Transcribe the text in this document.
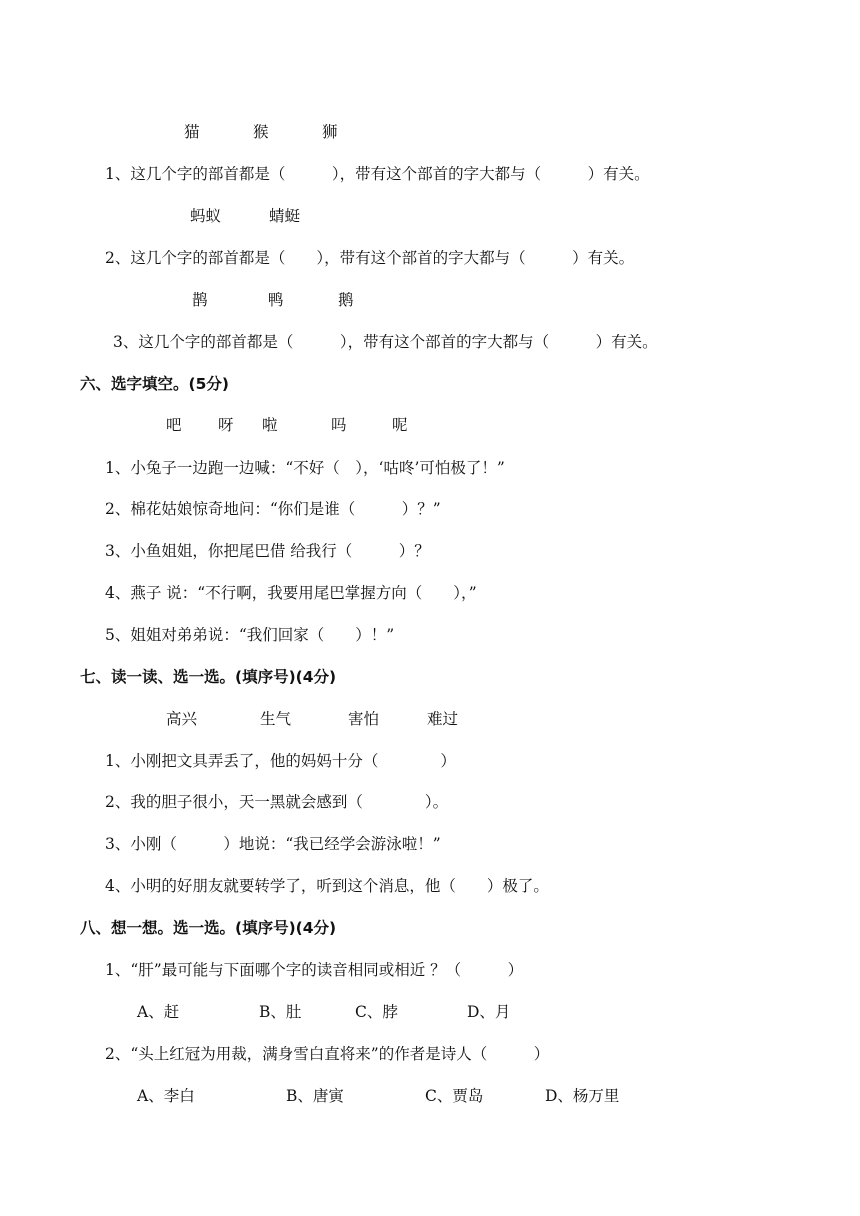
猫	猴	狮
1、这几个字的部首都是（　　　），带有这个部首的字大都与（　　　）有关。
蚂蚁	蜻蜓
2、这几个字的部首都是（　　），带有这个部首的字大都与（　　　）有关。
鹊	鸭	鹅
3、这几个字的部首都是（　　　），带有这个部首的字大都与（　　　）有关。
六、选字填空。(5分)
吧 呀 啦	吗	呢
1、小兔子一边跑一边喊：“不好（　），‘咕咚’可怕极了！”
2、棉花姑娘惊奇地问：“你们是谁（　　　）？”
3、小鱼姐姐，你把尾巴借 给我行（　　　）？
4、燕子 说：“不行啊，我要用尾巴掌握方向（　　），”
5、姐姐对弟弟说：“我们回家（　　）！”
七、读一读、选一选。(填序号)(4分)
高兴	生气	害怕	难过
1、小刚把文具弄丢了，他的妈妈十分（　　　　）
2、我的胆子很小，天一黑就会感到（　　　　）。
3、小刚（　　　）地说：“我已经学会游泳啦！”
4、小明的好朋友就要转学了，听到这个消息，他（　　）极了。
八、想一想。选一选。(填序号)(4分)
1、“肝”最可能与下面哪个字的读音相同或相近 ？（　　　）
A、赶	B、肚	C、脖	D、月
2、“头上红冠为用裁，满身雪白直将来”的作者是诗人（　　　）
A、李白	B、唐寅	C、贾岛	D、杨万里
